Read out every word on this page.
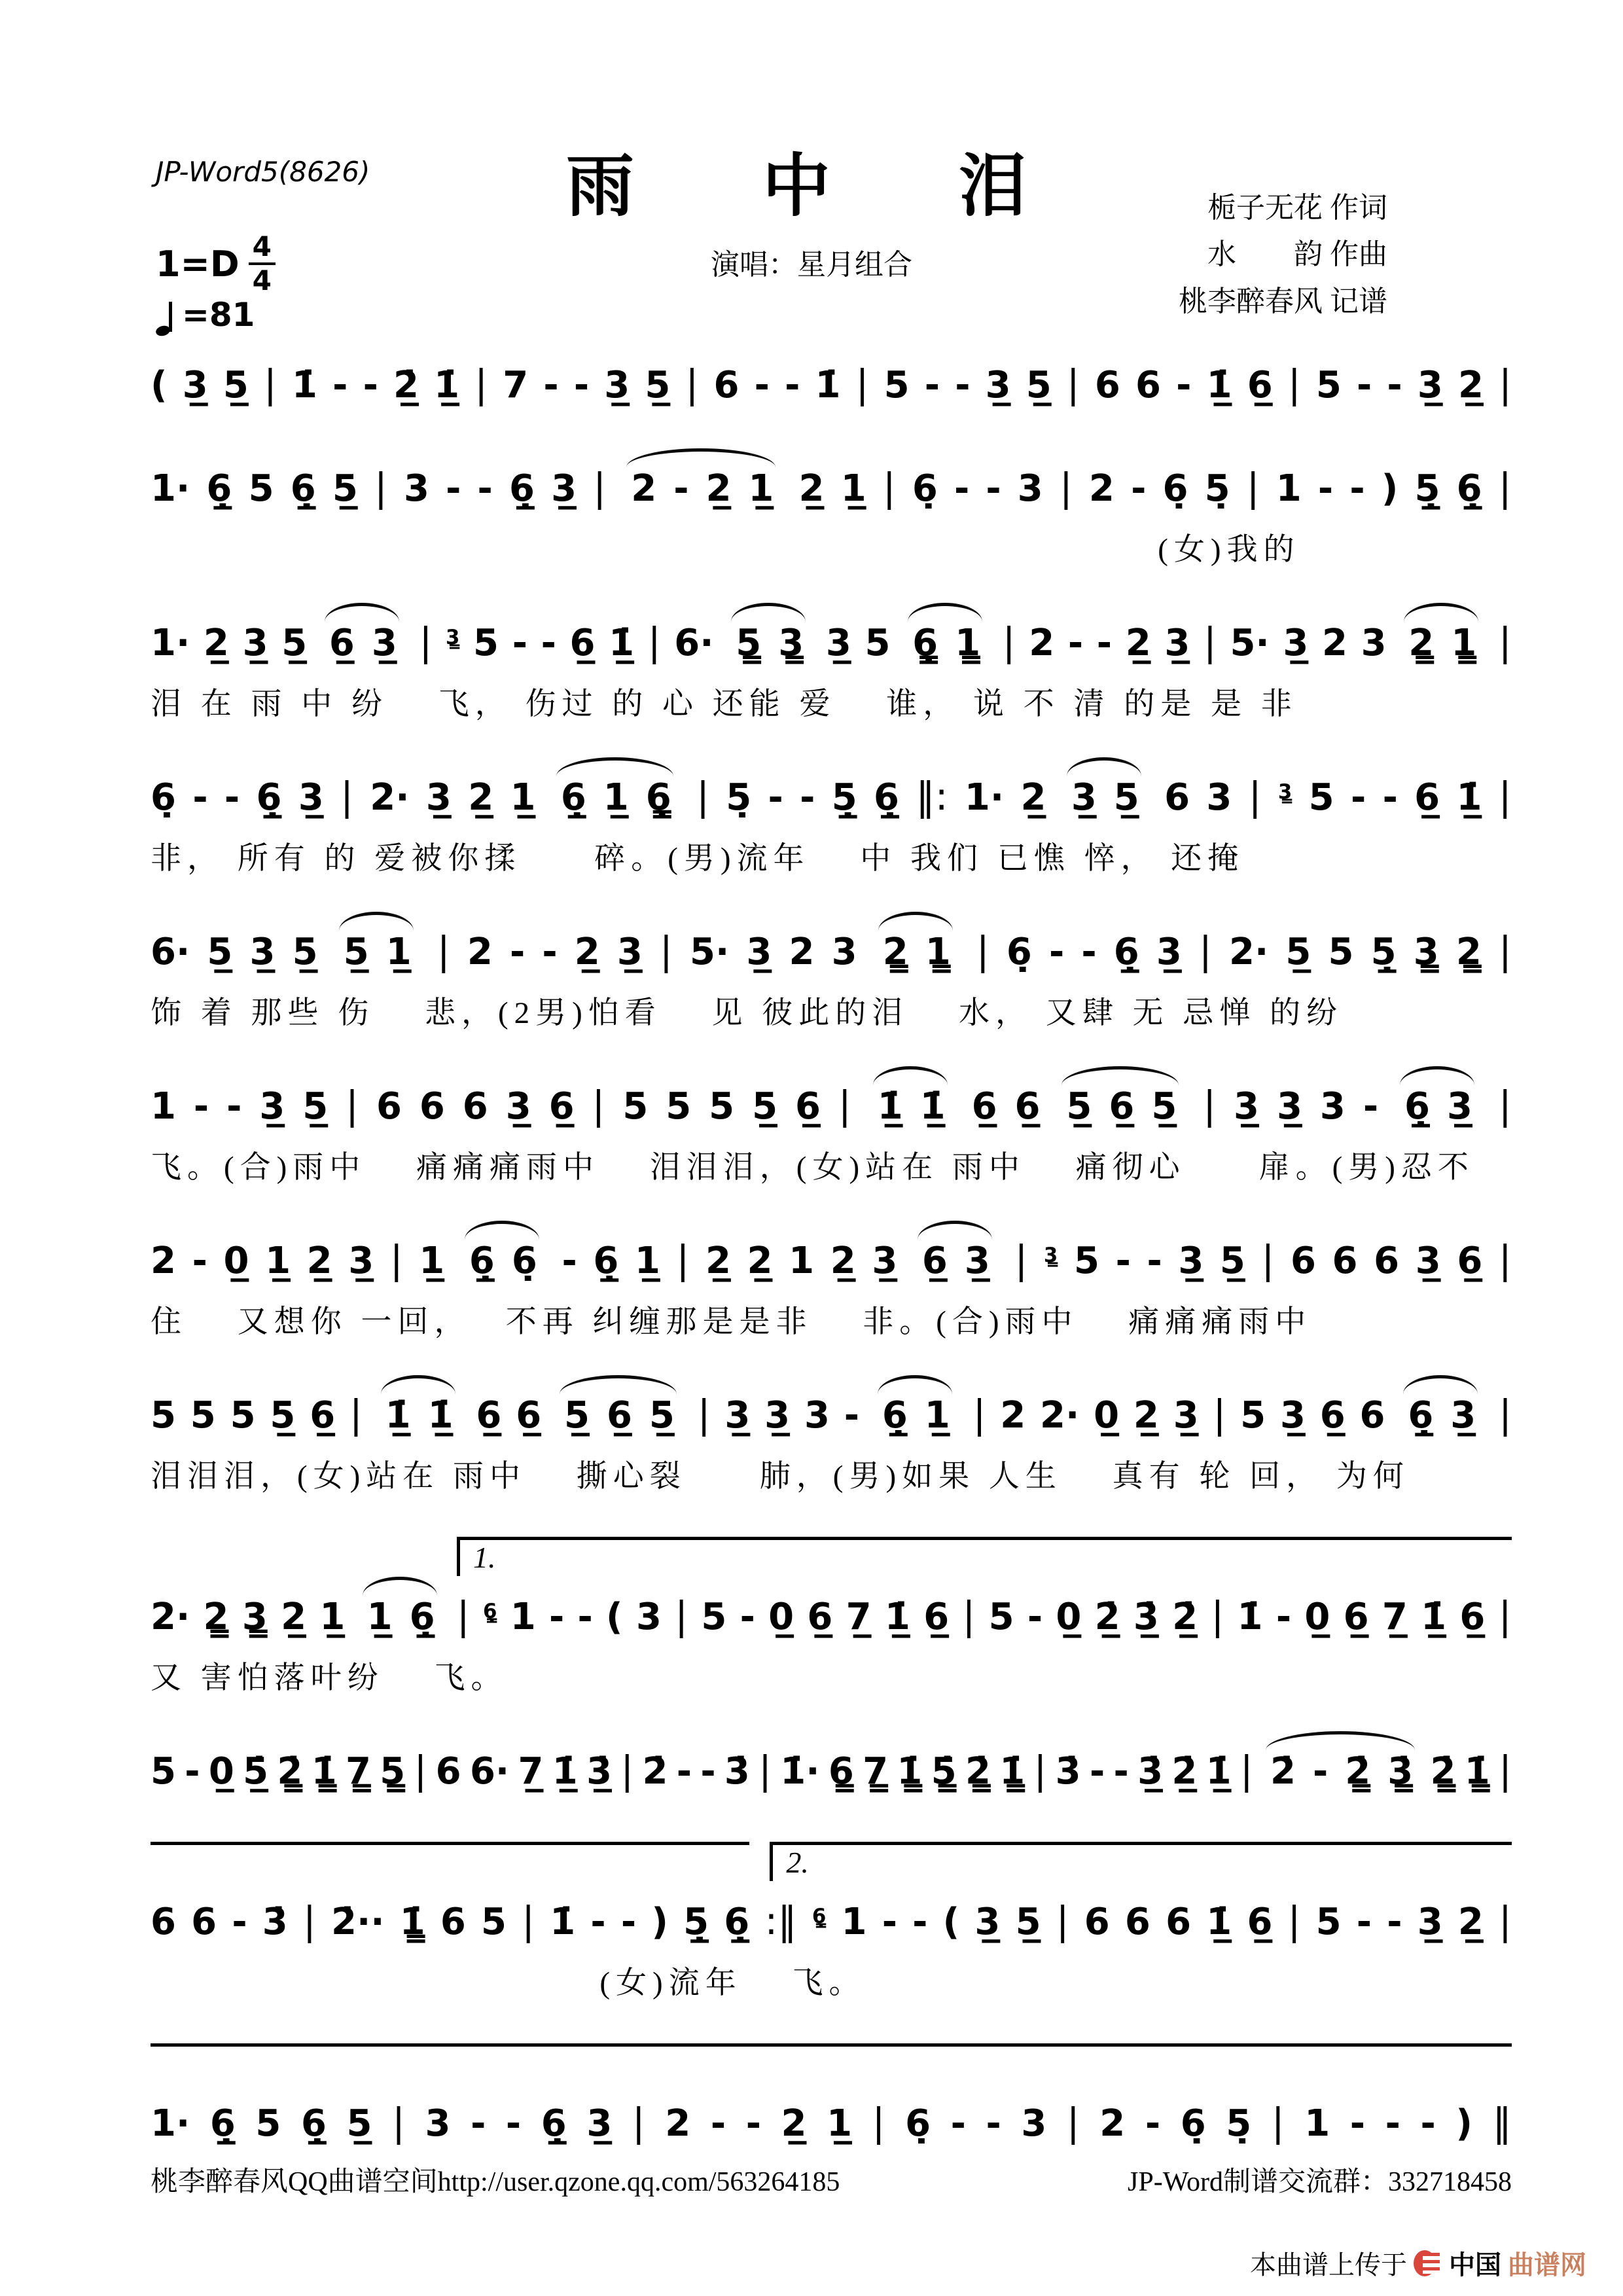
JP-Word5(8626)	雨　中　泪
演唱：星月组合
栀子无花 作词
水　　韵 作曲
桃李醉春风 记谱
$1=D \frac{4}{4}$
=81
( 3̲ 5̲ | 1̇ - - 2̲̇ 1̲̇ | 7 - - 3̲ 5̲ | 6 - - 1̇ | 5 - - 3̲ 5̲ | 6 6 - 1̲̇ 6̲ | 5 - - 3̲ 2̲ |
1· 6̲̣ 5 6̲̣ 5̲ | 3 - - 6̲̣ 3̲ | 2 - 2̲ 1̲ 2̲ 1̲ | 6̣ - - 3 | 2 - 6̣ 5̣ | 1 - - ) 5̲̣ 6̲̣ |
(女)我的
1· 2̲ 3̲ 5̲ 6̲ 3̲ | 3̳ 5 - - 6̲ 1̲̇ | 6· 5̳ 3̳ 3̲ 5 6̳̣ 1̳ | 2 - - 2̲ 3̲ | 5· 3̲ 2 3 2̳ 1̳ |
泪 在 雨 中 纷　 飞， 伤过 的 心 还能 爱　 谁， 说 不 清 的是 是 非
6̣ - - 6̲̣ 3̲ | 2· 3̲ 2̲ 1̲ 6̲̣ 1̲ 6̳̣ | 5̣ - - 5̲̣ 6̲̣ ‖: 1· 2̲ 3̲ 5̲ 6 3 | 3̳ 5 - - 6̲ 1̲̇ |
非， 所有 的 爱被你揉　　碎。(男)流年　 中 我们 已憔 悴， 还掩
6· 5̲ 3̲ 5̲ 5̲ 1̲ | 2 - - 2̲ 3̲ | 5· 3̲ 2 3 2̳ 1̳ | 6̣ - - 6̲̣ 3̲ | 2· 5̲ 5 5̲̣ 3̳ 2̳ |
饰 着 那些 伤　 悲，(2男)怕看　 见 彼此的泪　 水， 又肆 无 忌惮 的纷
1 - - 3̲ 5̲ | 6 6 6 3̲ 6̲ | 5 5 5 5̲ 6̲ | 1̲̇ 1̲̇ 6̲ 6̲ 5̲ 6̲ 5̲ | 3̲ 3̲ 3 - 6̲̣ 3̲ |
飞。(合)雨中　 痛痛痛雨中　 泪泪泪，(女)站在 雨中　 痛彻心　　扉。(男)忍不
2 - 0̲ 1̲ 2̲ 3̲ | 1̲ 6̲̣ 6̣ - 6̲̣ 1̲ | 2̲ 2̲ 1 2̲ 3̲ 6̲ 3̲ | 3̳ 5 - - 3̲ 5̲ | 6 6 6 3̲ 6̲ |
住　 又想你 一回，　 不再 纠缠那是是非　 非。(合)雨中　 痛痛痛雨中
5 5 5 5̲ 6̲ | 1̲̇ 1̲̇ 6̲ 6̲ 5̲ 6̲ 5̲ | 3̲ 3̲ 3 - 6̲̣ 1̲ | 2 2· 0̲ 2̲ 3̲ | 5 3̲ 6̲ 6 6̲̣ 3̲ |
泪泪泪，(女)站在 雨中　 撕心裂　　肺，(男)如果 人生　 真有 轮 回， 为何
1.
2· 2̳ 3̳ 2̲ 1̲ 1̲ 6̲̣ | 6̳̣ 1 - - ( 3 | 5 - 0̲ 6̲ 7̲ 1̲̇ 6̲ | 5 - 0̲ 2̲̇ 3̲̇ 2̲̇ | 1̇ - 0̲ 6̲ 7̲ 1̲̇ 6̲ |
又 害怕落叶纷　 飞。
5 - 0̲ 5̲̇ 2̳̇ 1̳̇ 7̳ 5̳ | 6 6· 7̲ 1̲̇ 3̲̇ | 2̇ - - 3̇ | 1̇· 6̳ 7̳ 1̳̇ 5̳̇ 2̳̇ 1̳̇ | 3̇ - - 3̲̇ 2̲̇ 1̲̇ | 2̇ - 2̳̇ 3̳̇ 2̳̇ 1̳̇ |
2.
6 6 - 3̇ | 2̇·· 1̳̇ 6 5 | 1̇ - - ) 5̲̣ 6̲̣ :‖ 6̳̣ 1 - - ( 3̲ 5̲ | 6 6 6 1̲̇ 6̲ | 5 - - 3̲ 2̲ |
(女)流年　 飞。
1· 6̲̣ 5 6̲̣ 5̲ | 3 - - 6̲̣ 3̲ | 2 - - 2̲ 1̲ | 6̣ - - 3 | 2 - 6̣ 5̣ | 1 - - - ) ‖
桃李醉春风QQ曲谱空间http://user.qzone.qq.com/563264185	JP-Word制谱交流群：332718458
本曲谱上传于 中国 曲谱网
